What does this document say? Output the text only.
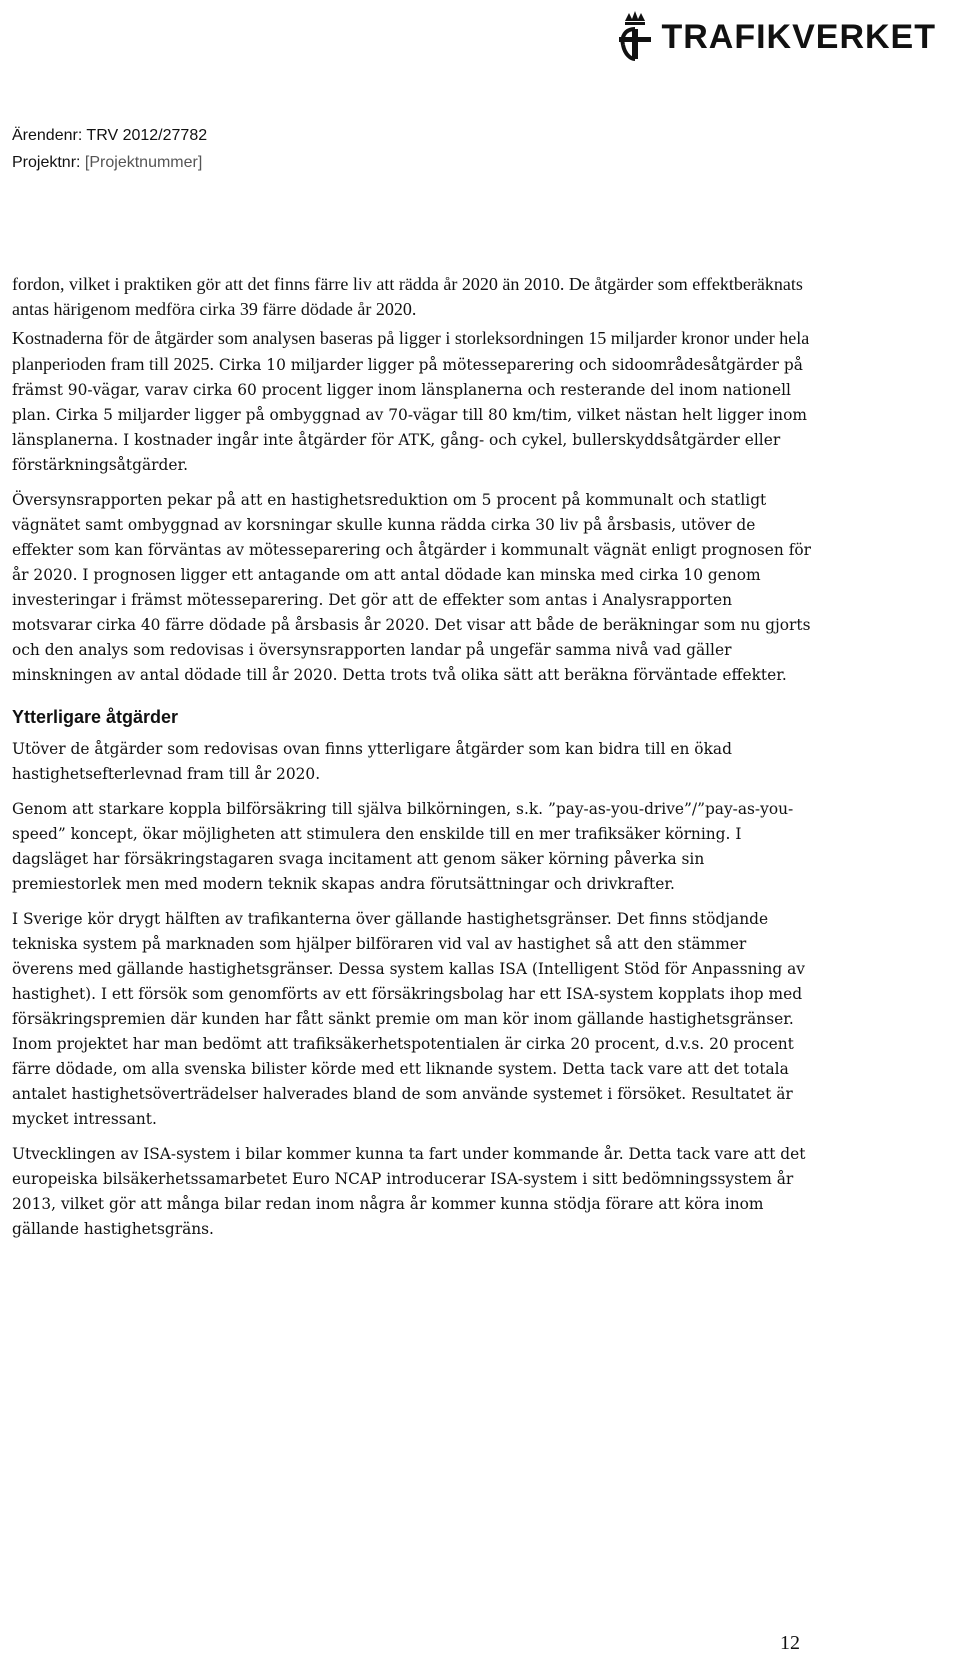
TRAFIKVERKET
Ärendenr: TRV 2012/27782
Projektnr: [Projektnummer]

fordon, vilket i praktiken gör att det finns färre liv att rädda år 2020 än 2010. De åtgärder som effektberäknats antas härigenom medföra cirka 39 färre dödade år 2020.

Kostnaderna för de åtgärder som analysen baseras på ligger i storleksordningen 15 miljarder kronor under hela planperioden fram till 2025. Cirka 10 miljarder ligger på mötesseparering och sidoområdesåtgärder på främst 90-vägar, varav cirka 60 procent ligger inom länsplanerna och resterande del inom nationell plan. Cirka 5 miljarder ligger på ombyggnad av 70-vägar till 80 km/tim, vilket nästan helt ligger inom länsplanerna. I kostnader ingår inte åtgärder för ATK, gång- och cykel, bullerskyddsåtgärder eller förstärkningsåtgärder.

Översynsrapporten pekar på att en hastighetsreduktion om 5 procent på kommunalt och statligt vägnätet samt ombyggnad av korsningar skulle kunna rädda cirka 30 liv på årsbasis, utöver de effekter som kan förväntas av mötesseparering och åtgärder i kommunalt vägnät enligt prognosen för år 2020. I prognosen ligger ett antagande om att antal dödade kan minska med cirka 10 genom investeringar i främst mötesseparering. Det gör att de effekter som antas i Analysrapporten motsvarar cirka 40 färre dödade på årsbasis år 2020. Det visar att både de beräkningar som nu gjorts och den analys som redovisas i översynsrapporten landar på ungefär samma nivå vad gäller minskningen av antal dödade till år 2020. Detta trots två olika sätt att beräkna förväntade effekter.

Ytterligare åtgärder

Utöver de åtgärder som redovisas ovan finns ytterligare åtgärder som kan bidra till en ökad hastighetsefterlevnad fram till år 2020.

Genom att starkare koppla bilförsäkring till själva bilkörningen, s.k. ”pay-as-you-drive”/”pay-as-you-speed” koncept, ökar möjligheten att stimulera den enskilde till en mer trafiksäker körning. I dagsläget har försäkringstagaren svaga incitament att genom säker körning påverka sin premiestorlek men med modern teknik skapas andra förutsättningar och drivkrafter.

I Sverige kör drygt hälften av trafikanterna över gällande hastighetsgränser. Det finns stödjande tekniska system på marknaden som hjälper bilföraren vid val av hastighet så att den stämmer överens med gällande hastighetsgränser. Dessa system kallas ISA (Intelligent Stöd för Anpassning av hastighet). I ett försök som genomförts av ett försäkringsbolag har ett ISA-system kopplats ihop med försäkringspremien där kunden har fått sänkt premie om man kör inom gällande hastighetsgränser. Inom projektet har man bedömt att trafiksäkerhetspotentialen är cirka 20 procent, d.v.s. 20 procent färre dödade, om alla svenska bilister körde med ett liknande system. Detta tack vare att det totala antalet hastighetsöverträdelser halverades bland de som använde systemet i försöket. Resultatet är mycket intressant.

Utvecklingen av ISA-system i bilar kommer kunna ta fart under kommande år. Detta tack vare att det europeiska bilsäkerhetssamarbetet Euro NCAP introducerar ISA-system i sitt bedömningssystem år 2013, vilket gör att många bilar redan inom några år kommer kunna stödja förare att köra inom gällande hastighetsgräns.

12
